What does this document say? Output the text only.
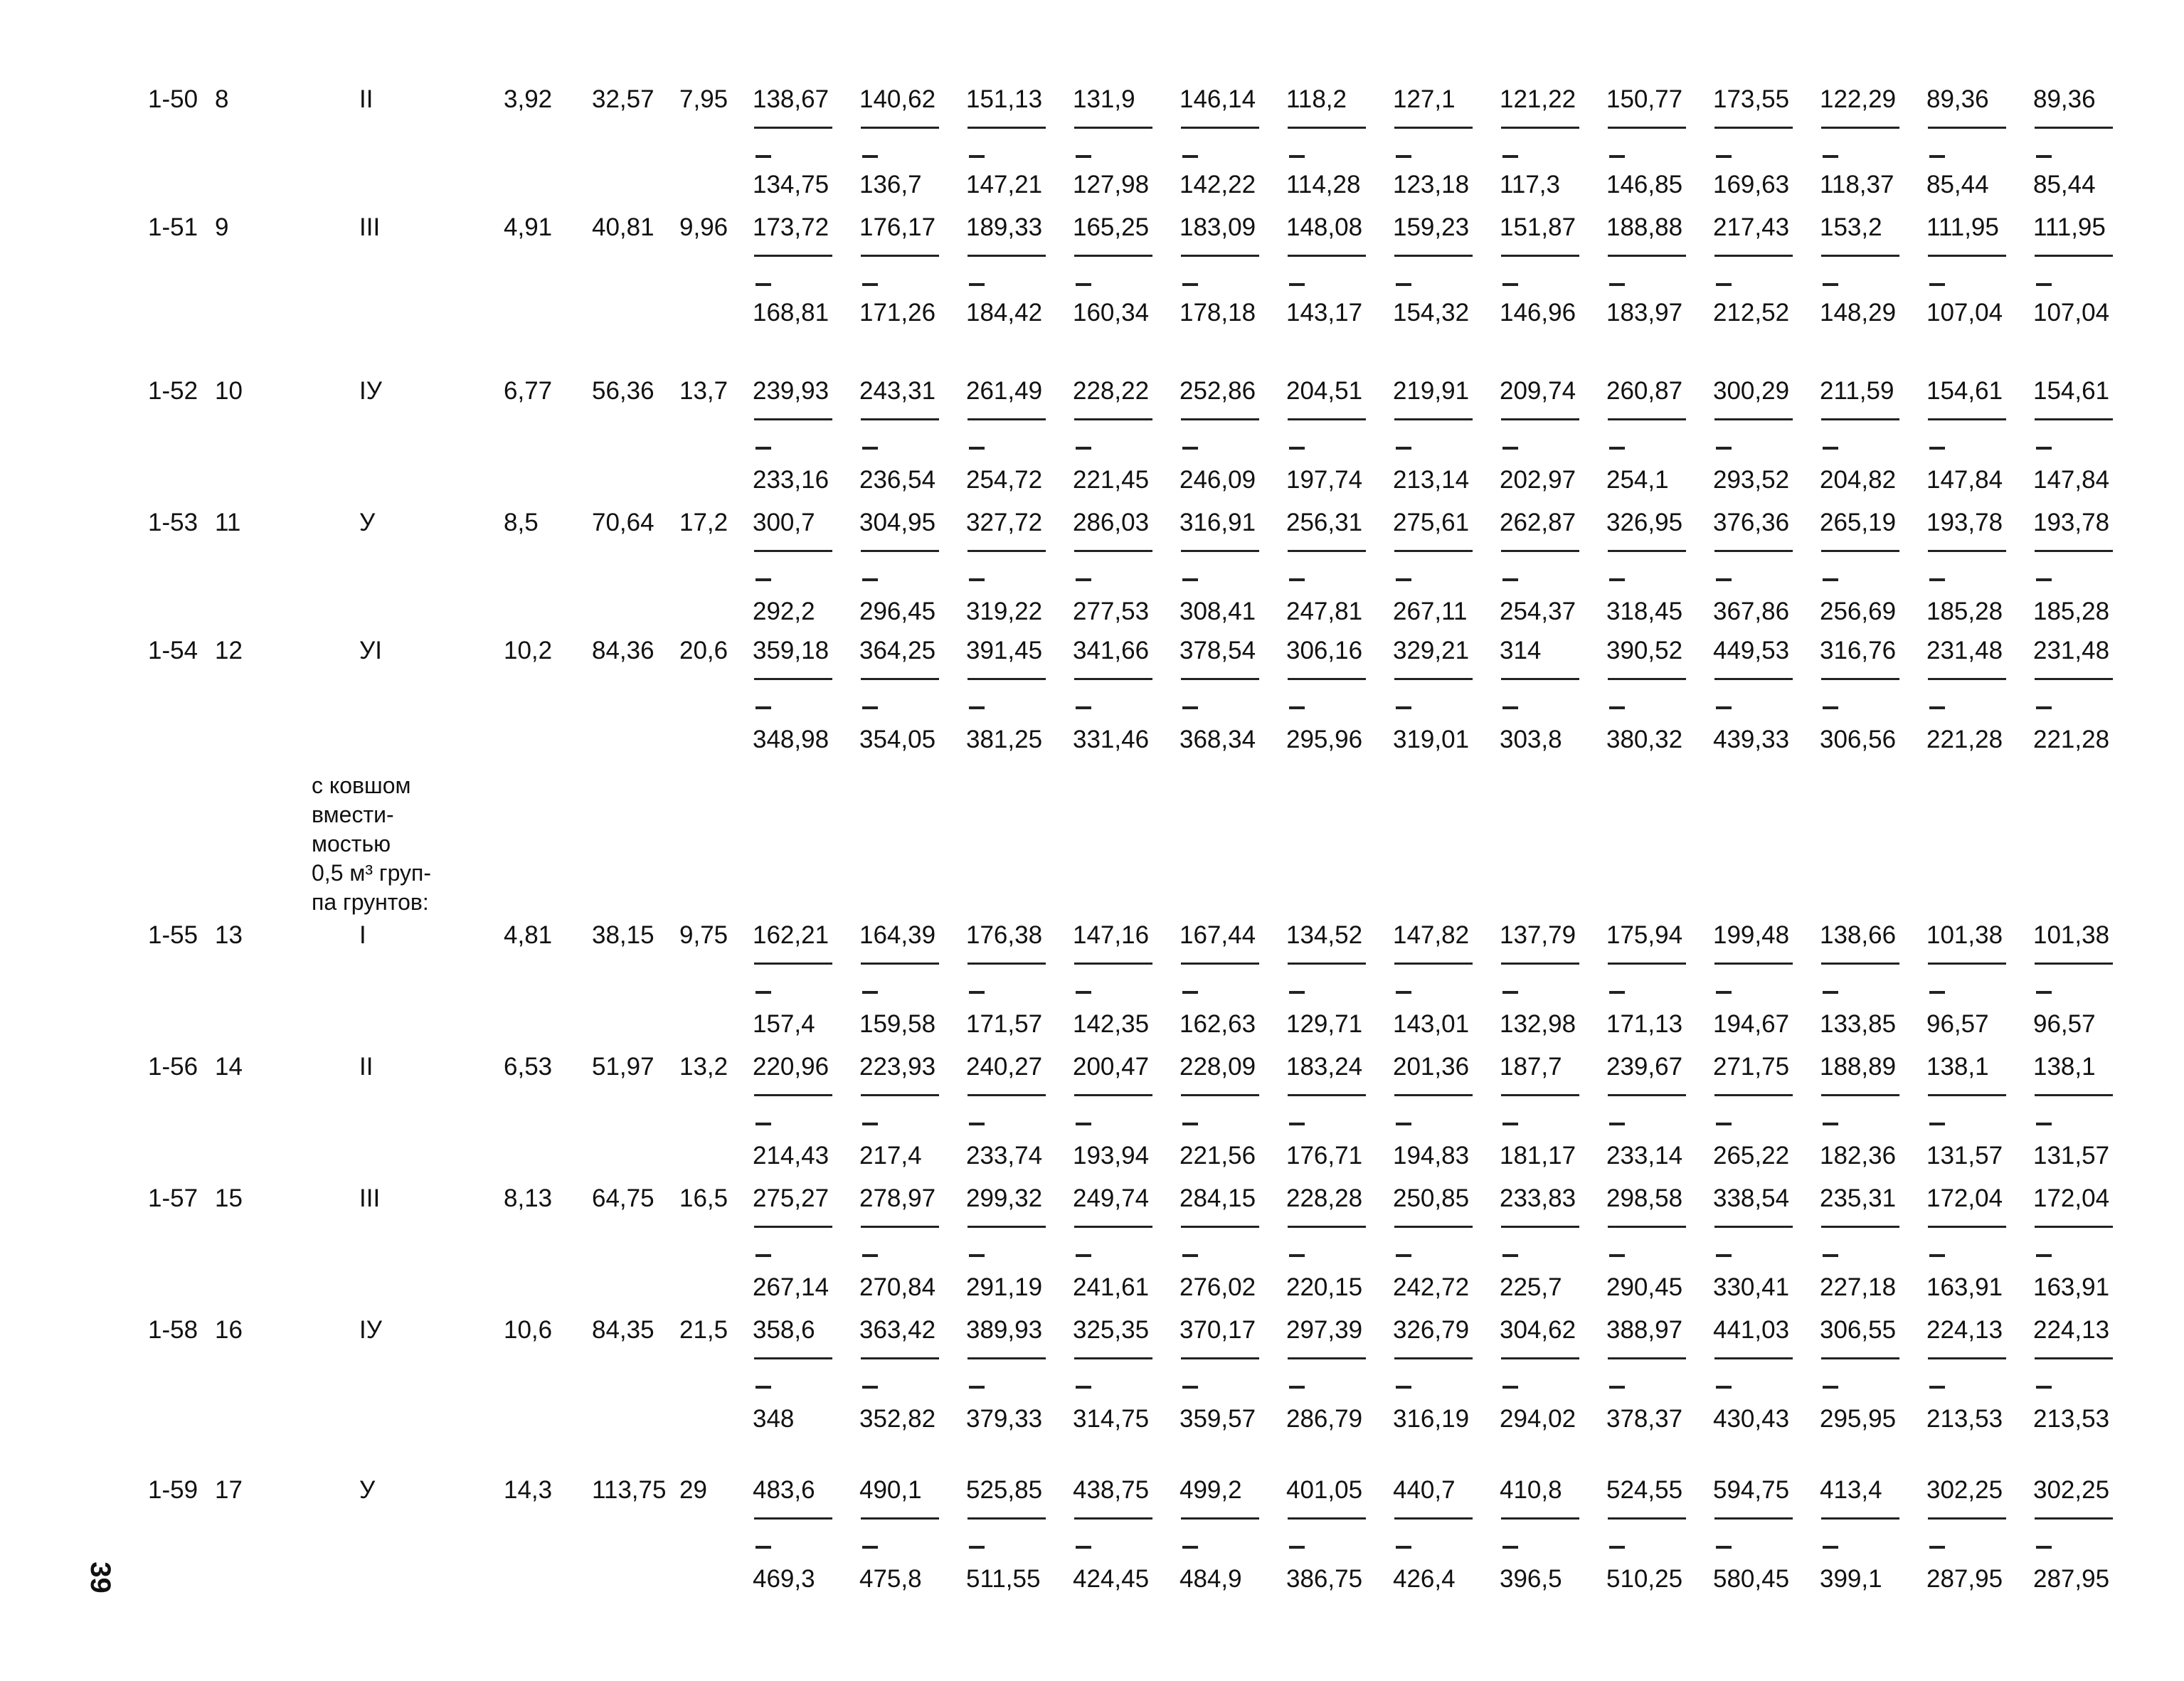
с ковшом
вмести-
мостью
0,5 м³ груп-
па грунтов:
39
1-50 8	II	3,92 32,57 7,95 138,67 140,62 151,13 131,9 146,14 118,2 127,1 121,22 150,77 173,55 122,29 89,36 89,36
134,75 136,7 147,21 127,98 142,22 114,28 123,18 117,3 146,85 169,63 118,37 85,44 85,44
1-51 9	III	4,91 40,81 9,96 173,72 176,17 189,33 165,25 183,09 148,08 159,23 151,87 188,88 217,43 153,2 111,95 111,95
168,81 171,26 184,42 160,34 178,18 143,17 154,32 146,96 183,97 212,52 148,29 107,04 107,04
1-52 10	IУ	6,77 56,36 13,7 239,93 243,31 261,49 228,22 252,86 204,51 219,91 209,74 260,87 300,29 211,59 154,61 154,61
233,16 236,54 254,72 221,45 246,09 197,74 213,14 202,97 254,1 293,52 204,82 147,84 147,84
1-53 11	У	8,5 70,64 17,2 300,7 304,95 327,72 286,03 316,91 256,31 275,61 262,87 326,95 376,36 265,19 193,78 193,78
292,2 296,45 319,22 277,53 308,41 247,81 267,11 254,37 318,45 367,86 256,69 185,28 185,28
1-54 12	УI	10,2 84,36 20,6 359,18 364,25 391,45 341,66 378,54 306,16 329,21 314	390,52 449,53 316,76 231,48 231,48
348,98 354,05 381,25 331,46 368,34 295,96 319,01 303,8 380,32 439,33 306,56 221,28 221,28
1-55 13	I	4,81 38,15 9,75 162,21 164,39 176,38 147,16 167,44 134,52 147,82 137,79 175,94 199,48 138,66 101,38 101,38
157,4 159,58 171,57 142,35 162,63 129,71 143,01 132,98 171,13 194,67 133,85 96,57 96,57
1-56 14	II	6,53 51,97 13,2 220,96 223,93 240,27 200,47 228,09 183,24 201,36 187,7 239,67 271,75 188,89 138,1 138,1
214,43 217,4 233,74 193,94 221,56 176,71 194,83 181,17 233,14 265,22 182,36 131,57 131,57
1-57 15	III	8,13 64,75 16,5 275,27 278,97 299,32 249,74 284,15 228,28 250,85 233,83 298,58 338,54 235,31 172,04 172,04
267,14 270,84 291,19 241,61 276,02 220,15 242,72 225,7 290,45 330,41 227,18 163,91 163,91
1-58 16	IУ	10,6 84,35 21,5 358,6 363,42 389,93 325,35 370,17 297,39 326,79 304,62 388,97 441,03 306,55 224,13 224,13
348	352,82 379,33 314,75 359,57 286,79 316,19 294,02 378,37 430,43 295,95 213,53 213,53
1-59 17	У	14,3 113,75 29 483,6 490,1 525,85 438,75 499,2 401,05 440,7 410,8 524,55 594,75 413,4 302,25 302,25
469,3 475,8 511,55 424,45 484,9 386,75 426,4 396,5 510,25 580,45 399,1 287,95 287,95
